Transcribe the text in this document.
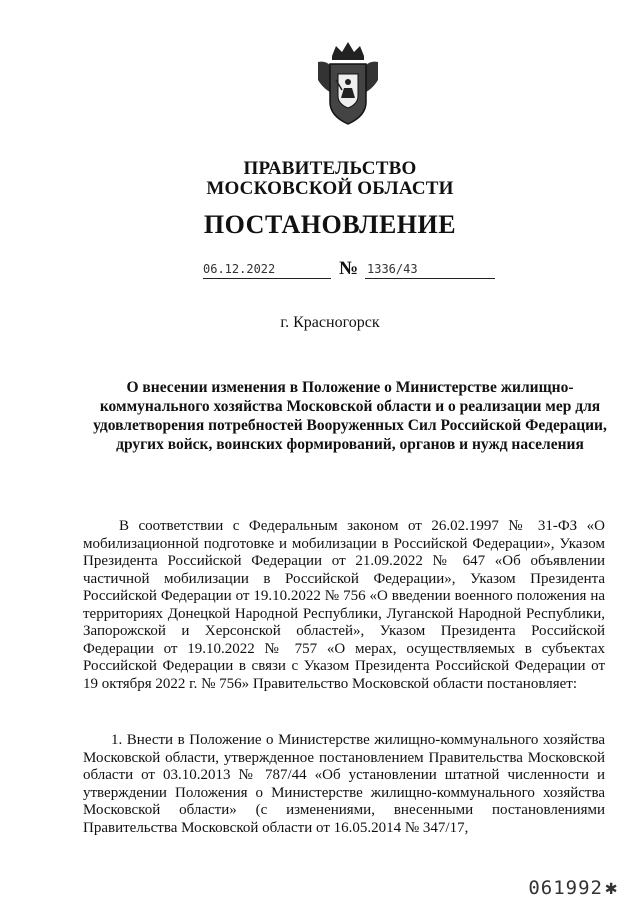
ПРАВИТЕЛЬСТВО
МОСКОВСКОЙ ОБЛАСТИ
ПОСТАНОВЛЕНИЕ
06.12.2022	№ 1336/43
г. Красногорск
О внесении изменения в Положение о Министерстве жилищно-коммунального хозяйства Московской области и о реализации мер для удовлетворения потребностей Вооруженных Сил Российской Федерации, других войск, воинских формирований, органов и нужд населения
В соответствии с Федеральным законом от 26.02.1997 № 31-ФЗ «О мобилизационной подготовке и мобилизации в Российской Федерации», Указом Президента Российской Федерации от 21.09.2022 № 647 «Об объявлении частичной мобилизации в Российской Федерации», Указом Президента Российской Федерации от 19.10.2022 № 756 «О введении военного положения на территориях Донецкой Народной Республики, Луганской Народной Республики, Запорожской и Херсонской областей», Указом Президента Российской Федерации от 19.10.2022 № 757 «О мерах, осуществляемых в субъектах Российской Федерации в связи с Указом Президента Российской Федерации от 19 октября 2022 г. № 756» Правительство Московской области постановляет:
1. Внести в Положение о Министерстве жилищно-коммунального хозяйства Московской области, утвержденное постановлением Правительства Московской области от 03.10.2013 № 787/44 «Об установлении штатной численности и утверждении Положения о Министерстве жилищно-коммунального хозяйства Московской области» (с изменениями, внесенными постановлениями Правительства Московской области от 16.05.2014 № 347/17,
061992 ✱
